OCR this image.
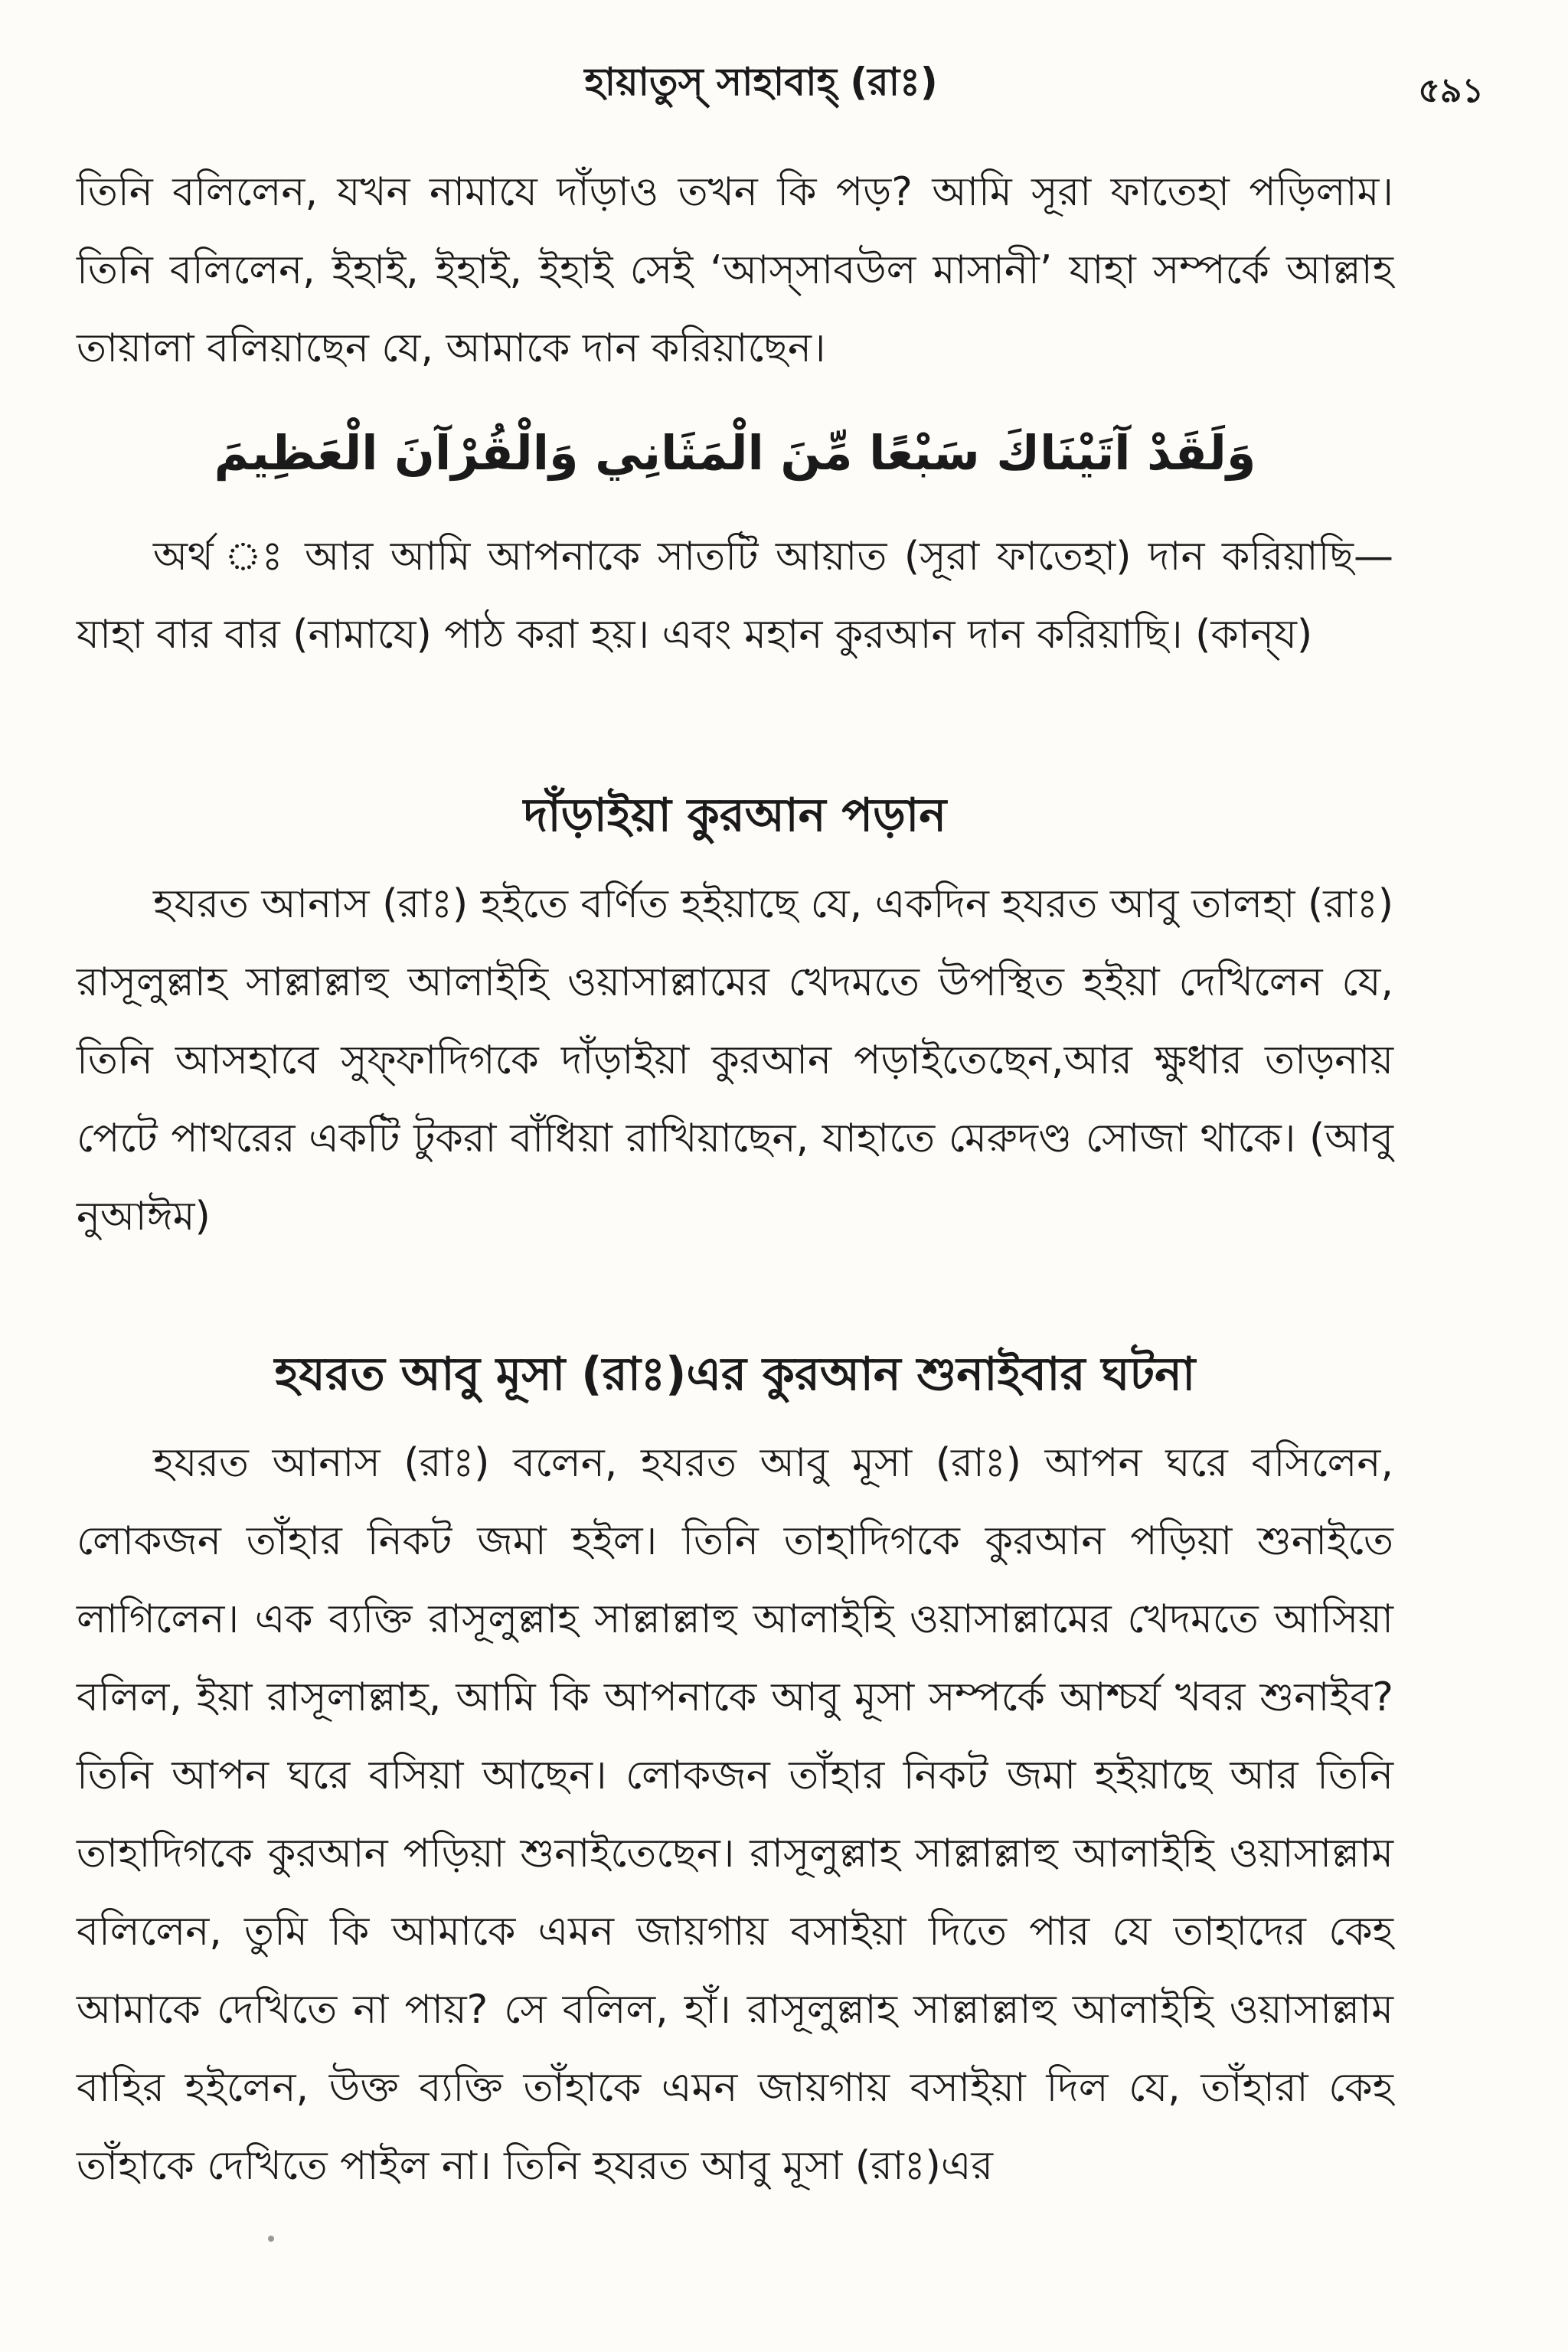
হায়াতুস্ সাহাবাহ্ (রাঃ)	৫৯১

তিনি বলিলেন, যখন নামাযে দাঁড়াও তখন কি পড়? আমি সূরা ফাতেহা পড়িলাম। তিনি বলিলেন, ইহাই, ইহাই, ইহাই সেই ‘আস্‌সাবউল মাসানী’ যাহা সম্পর্কে আল্লাহ তায়ালা বলিয়াছেন যে, আমাকে দান করিয়াছেন।

وَلَقَدْ آتَيْنَاكَ سَبْعًا مِّنَ الْمَثَانِي وَالْقُرْآنَ الْعَظِيمَ

অর্থ ঃ আর আমি আপনাকে সাতটি আয়াত (সূরা ফাতেহা) দান করিয়াছি—যাহা বার বার (নামাযে) পাঠ করা হয়। এবং মহান কুরআন দান করিয়াছি। (কান্‌য)

দাঁড়াইয়া কুরআন পড়ান

হযরত আনাস (রাঃ) হইতে বর্ণিত হইয়াছে যে, একদিন হযরত আবু তালহা (রাঃ) রাসূলুল্লাহ সাল্লাল্লাহু আলাইহি ওয়াসাল্লামের খেদমতে উপস্থিত হইয়া দেখিলেন যে, তিনি আসহাবে সুফ্‌ফাদিগকে দাঁড়াইয়া কুরআন পড়াইতেছেন,আর ক্ষুধার তাড়নায় পেটে পাথরের একটি টুকরা বাঁধিয়া রাখিয়াছেন, যাহাতে মেরুদণ্ড সোজা থাকে। (আবু নুআঈম)

হযরত আবু মূসা (রাঃ)এর কুরআন শুনাইবার ঘটনা

হযরত আনাস (রাঃ) বলেন, হযরত আবু মূসা (রাঃ) আপন ঘরে বসিলেন, লোকজন তাঁহার নিকট জমা হইল। তিনি তাহাদিগকে কুরআন পড়িয়া শুনাইতে লাগিলেন। এক ব্যক্তি রাসূলুল্লাহ সাল্লাল্লাহু আলাইহি ওয়াসাল্লামের খেদমতে আসিয়া বলিল, ইয়া রাসূলাল্লাহ, আমি কি আপনাকে আবু মূসা সম্পর্কে আশ্চর্য খবর শুনাইব? তিনি আপন ঘরে বসিয়া আছেন। লোকজন তাঁহার নিকট জমা হইয়াছে আর তিনি তাহাদিগকে কুরআন পড়িয়া শুনাইতেছেন। রাসূলুল্লাহ সাল্লাল্লাহু আলাইহি ওয়াসাল্লাম বলিলেন, তুমি কি আমাকে এমন জায়গায় বসাইয়া দিতে পার যে তাহাদের কেহ আমাকে দেখিতে না পায়? সে বলিল, হাঁ। রাসূলুল্লাহ সাল্লাল্লাহু আলাইহি ওয়াসাল্লাম বাহির হইলেন, উক্ত ব্যক্তি তাঁহাকে এমন জায়গায় বসাইয়া দিল যে, তাঁহারা কেহ তাঁহাকে দেখিতে পাইল না। তিনি হযরত আবু মূসা (রাঃ)এর
